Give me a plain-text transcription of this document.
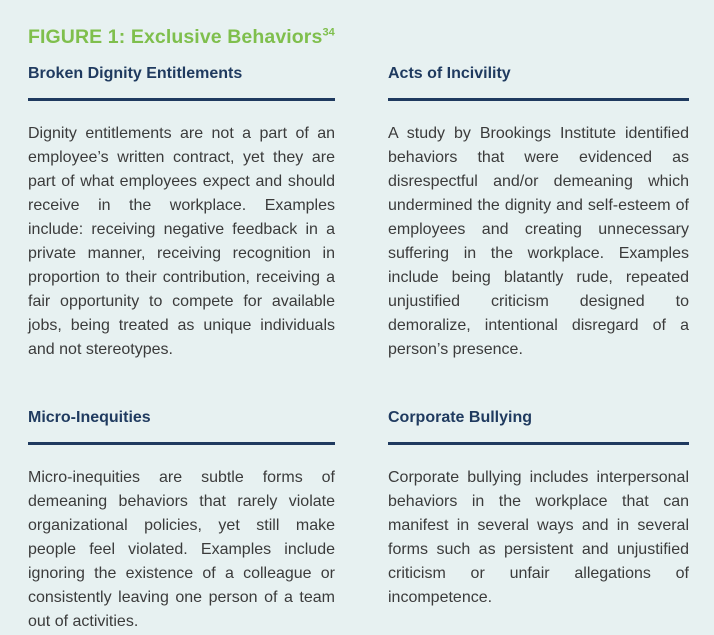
FIGURE 1: Exclusive Behaviors$^{34}$
Broken Dignity Entitlements

Dignity entitlements are not a part of an employee’s written contract, yet they are part of what employees expect and should receive in the workplace. Examples include: receiving negative feedback in a private manner, receiving recognition in proportion to their contribution, receiving a fair opportunity to compete for available jobs, being treated as unique individuals and not stereotypes.

Acts of Incivility

A study by Brookings Institute identified behaviors that were evidenced as disrespectful and/or demeaning which undermined the dignity and self-esteem of employees and creating unnecessary suffering in the workplace. Examples include being blatantly rude, repeated unjustified criticism designed to demoralize, intentional disregard of a person’s presence.

Micro-Inequities

Micro-inequities are subtle forms of demeaning behaviors that rarely violate organizational policies, yet still make people feel violated. Examples include ignoring the existence of a colleague or consistently leaving one person of a team out of activities.

Corporate Bullying

Corporate bullying includes interpersonal behaviors in the workplace that can manifest in several ways and in several forms such as persistent and unjustified criticism or unfair allegations of incompetence.
